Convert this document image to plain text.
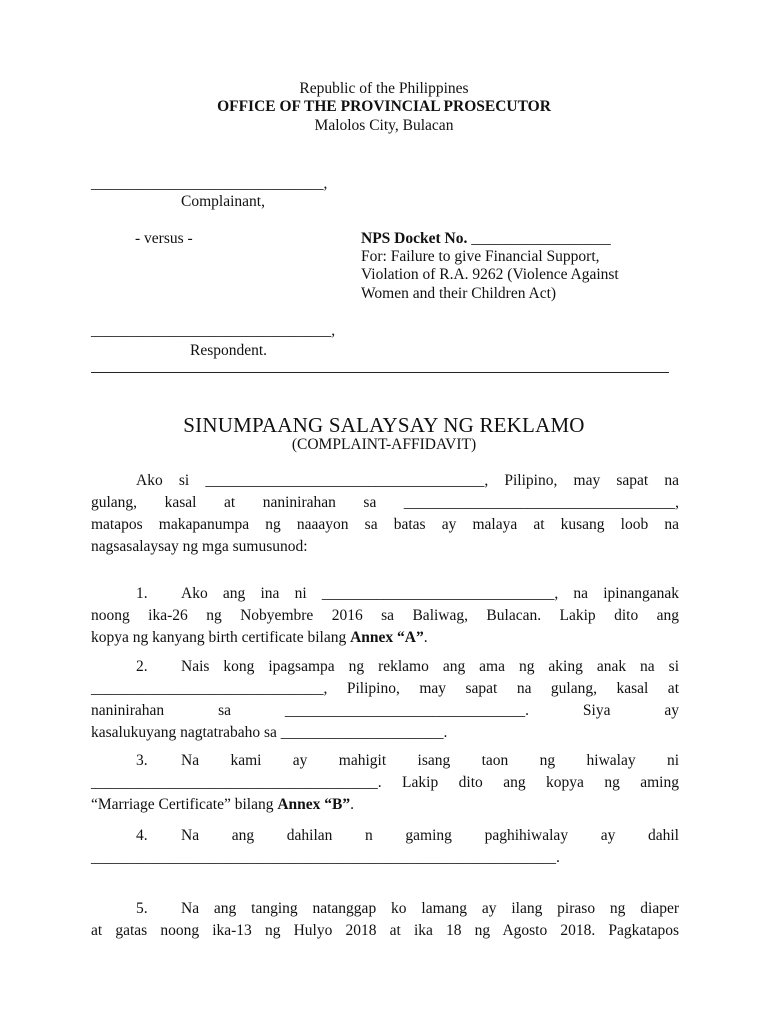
Republic of the Philippines
OFFICE OF THE PROVINCIAL PROSECUTOR
Malolos City, Bulacan
______________________________,
Complainant,
- versus -	NPS Docket No. __________________
For: Failure to give Financial Support,
Violation of R.A. 9262 (Violence Against
Women and their Children Act)
_______________________________,
Respondent.
SINUMPAANG SALAYSAY NG REKLAMO
(COMPLAINT-AFFIDAVIT)
Ako si ____________________________________, Pilipino, may sapat na
gulang, kasal at naninirahan sa ___________________________________,
matapos makapanumpa ng naaayon sa batas ay malaya at kusang loob na
nagsasalaysay ng mga sumusunod:
1. Ako ang ina ni ______________________________, na ipinanganak
noong ika-26 ng Nobyembre 2016 sa Baliwag, Bulacan. Lakip dito ang
kopya ng kanyang birth certificate bilang Annex “A”.
2. Nais kong ipagsampa ng reklamo ang ama ng aking anak na si
______________________________, Pilipino, may sapat na gulang, kasal at
naninirahan sa _______________________________. Siya ay
kasalukuyang nagtatrabaho sa _____________________.
3. Na kami ay mahigit isang taon ng hiwalay ni
_____________________________________. Lakip dito ang kopya ng aming
“Marriage Certificate” bilang Annex “B”.
4. Na ang dahilan n gaming paghihiwalay ay dahil
____________________________________________________________.
5. Na ang tanging natanggap ko lamang ay ilang piraso ng diaper
at gatas noong ika-13 ng Hulyo 2018 at ika 18 ng Agosto 2018. Pagkatapos
